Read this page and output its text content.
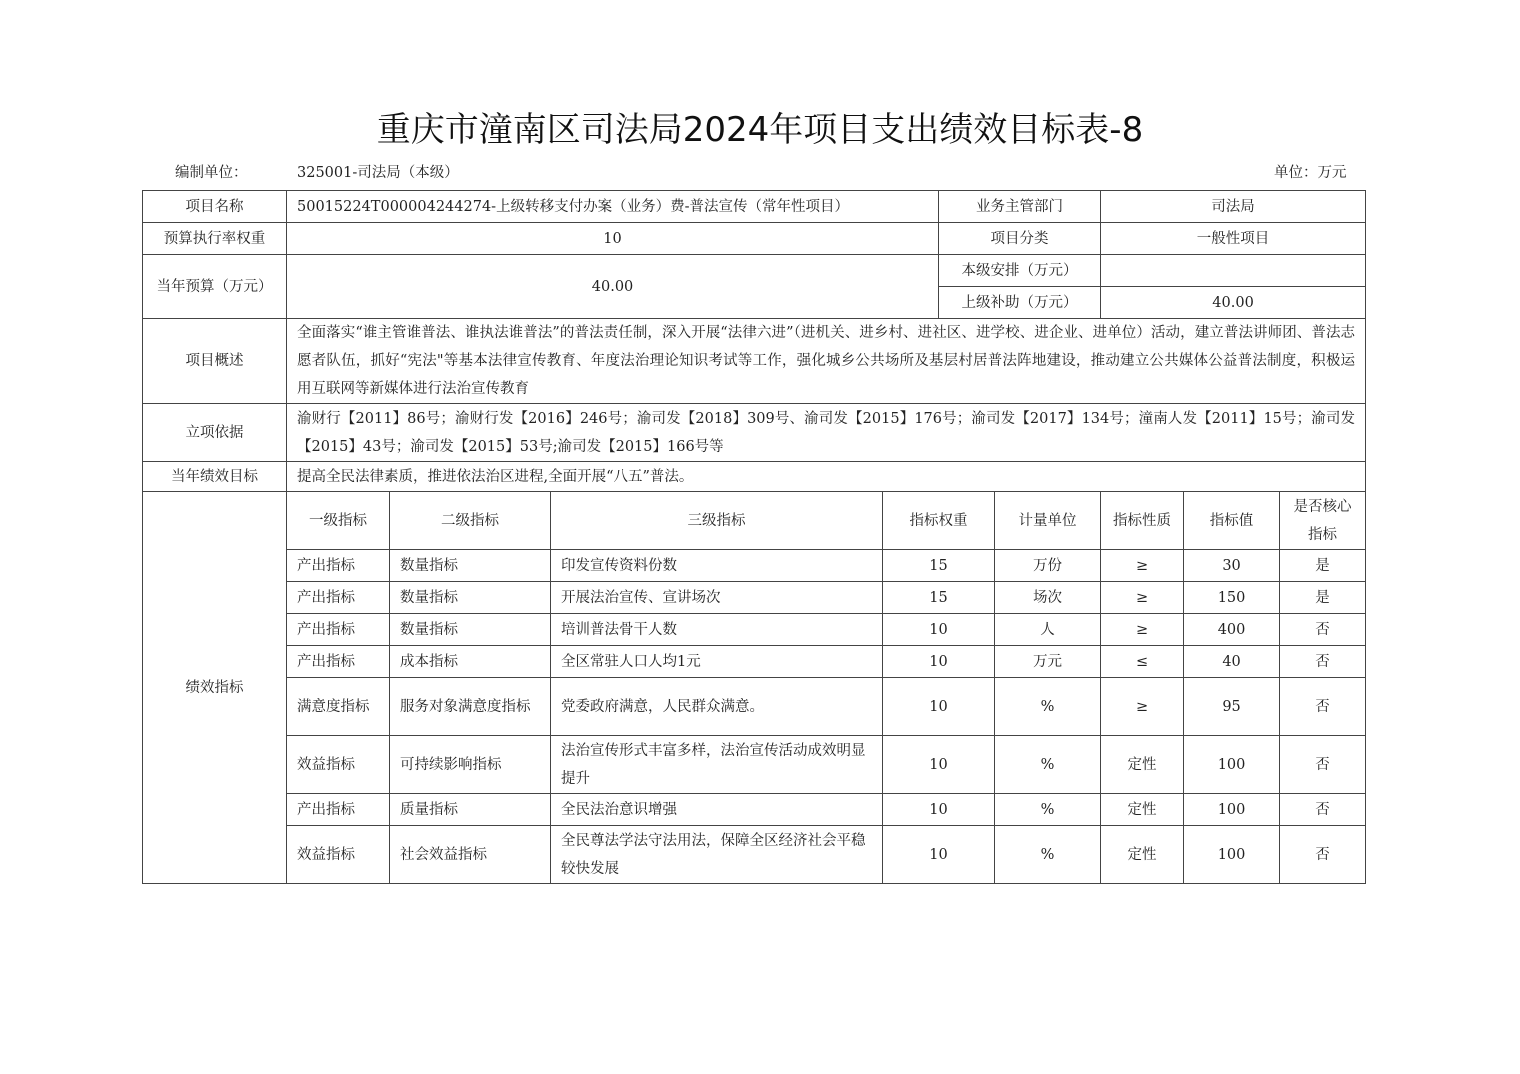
重庆市潼南区司法局2024年项目支出绩效目标表-8
编制单位：	325001-司法局（本级）	单位：万元
项目名称	50015224T000004244274-上级转移支付办案（业务）费-普法宣传（常年性项目）				业务主管部门		司法局		
预算执行率权重	10				项目分类		一般性项目		
当年预算（万元）	40.00				本级安排（万元）				
					上级补助（万元）		40.00		
项目概述	全面落实“谁主管谁普法、谁执法谁普法”的普法责任制，深入开展“法律六进”（进机关、进乡村、进社区、进学校、进企业、进单位）活动，建立普法讲师团、普法志愿者队伍，抓好“宪法"等基本法律宣传教育、年度法治理论知识考试等工作，强化城乡公共场所及基层村居普法阵地建设，推动建立公共媒体公益普法制度，积极运用互联网等新媒体进行法治宣传教育								
立项依据	渝财行【2011】86号；渝财行发【2016】246号；渝司发【2018】309号、渝司发【2015】176号；渝司发【2017】134号；潼南人发【2011】15号；渝司发【2015】43号；渝司发【2015】53号;渝司发【2015】166号等								
当年绩效目标	提高全民法律素质，推进依法治区进程,全面开展“八五”普法。								
绩效指标	一级指标	二级指标	三级指标	指标权重		计量单位	指标性质	指标值	是否核心指标
	产出指标	数量指标	印发宣传资料份数	15		万份	≥	30	是
	产出指标	数量指标	开展法治宣传、宣讲场次	15		场次	≥	150	是
	产出指标	数量指标	培训普法骨干人数	10		人	≥	400	否
	产出指标	成本指标	全区常驻人口人均1元	10		万元	≤	40	否
	满意度指标	服务对象满意度指标	党委政府满意，人民群众满意。	10		%	≥	95	否
	效益指标	可持续影响指标	法治宣传形式丰富多样，法治宣传活动成效明显提升	10		%	定性	100	否
	产出指标	质量指标	全民法治意识增强	10		%	定性	100	否
	效益指标	社会效益指标	全民尊法学法守法用法，保障全区经济社会平稳较快发展	10		%	定性	100	否
